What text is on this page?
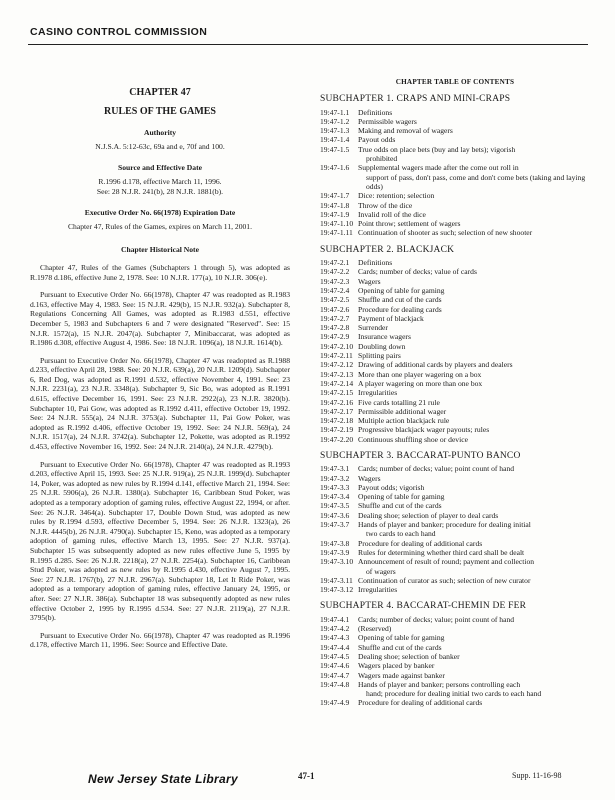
CASINO CONTROL COMMISSION
CHAPTER 47
RULES OF THE GAMES
Authority
N.J.S.A. 5:12-63c, 69a and e, 70f and 100.
Source and Effective Date
R.1996 d.178, effective March 11, 1996.
See: 28 N.J.R. 241(b), 28 N.J.R. 1881(b).
Executive Order No. 66(1978) Expiration Date
Chapter 47, Rules of the Games, expires on March 11, 2001.
Chapter Historical Note
Chapter 47, Rules of the Games (Subchapters 1 through 5), was adopted as R.1978 d.186, effective June 2, 1978. See: 10 N.J.R. 177(a), 10 N.J.R. 306(e).
Pursuant to Executive Order No. 66(1978), Chapter 47 was readopted as R.1983 d.163, effective May 4, 1983. See: 15 N.J.R. 429(b), 15 N.J.R. 932(a). Subchapter 8, Regulations Concerning All Games, was adopted as R.1983 d.551, effective December 5, 1983 and Subchapters 6 and 7 were designated "Reserved". See: 15 N.J.R. 1572(a), 15 N.J.R. 2047(a). Subchapter 7, Minibaccarat, was adopted as R.1986 d.308, effective August 4, 1986. See: 18 N.J.R. 1096(a), 18 N.J.R. 1614(b).
Pursuant to Executive Order No. 66(1978), Chapter 47 was readopted as R.1988 d.233, effective April 28, 1988. See: 20 N.J.R. 639(a), 20 N.J.R. 1209(d). Subchapter 6, Red Dog, was adopted as R.1991 d.532, effective November 4, 1991. See: 23 N.J.R. 2231(a), 23 N.J.R. 3348(a). Subchapter 9, Sic Bo, was adopted as R.1991 d.615, effective December 16, 1991. See: 23 N.J.R. 2922(a), 23 N.J.R. 3820(b). Subchapter 10, Pai Gow, was adopted as R.1992 d.411, effective October 19, 1992. See: 24 N.J.R. 555(a), 24 N.J.R. 3753(a). Subchapter 11, Pai Gow Poker, was adopted as R.1992 d.406, effective October 19, 1992. See: 24 N.J.R. 569(a), 24 N.J.R. 1517(a), 24 N.J.R. 3742(a). Subchapter 12, Pokette, was adopted as R.1992 d.453, effective November 16, 1992. See: 24 N.J.R. 2140(a), 24 N.J.R. 4279(b).
Pursuant to Executive Order No. 66(1978), Chapter 47 was readopted as R.1993 d.203, effective April 15, 1993. See: 25 N.J.R. 919(a), 25 N.J.R. 1999(d). Subchapter 14, Poker, was adopted as new rules by R.1994 d.141, effective March 21, 1994. See: 25 N.J.R. 5906(a), 26 N.J.R. 1380(a). Subchapter 16, Caribbean Stud Poker, was adopted as a temporary adoption of gaming rules, effective August 22, 1994, or after. See: 26 N.J.R. 3464(a). Subchapter 17, Double Down Stud, was adopted as new rules by R.1994 d.593, effective December 5, 1994. See: 26 N.J.R. 1323(a), 26 N.J.R. 4445(b), 26 N.J.R. 4790(a). Subchapter 15, Keno, was adopted as a temporary adoption of gaming rules, effective March 13, 1995. See: 27 N.J.R. 937(a). Subchapter 15 was subsequently adopted as new rules effective June 5, 1995 by R.1995 d.285. See: 26 N.J.R. 2218(a), 27 N.J.R. 2254(a). Subchapter 16, Caribbean Stud Poker, was adopted as new rules by R.1995 d.430, effective August 7, 1995. See: 27 N.J.R. 1767(b), 27 N.J.R. 2967(a). Subchapter 18, Let It Ride Poker, was adopted as a temporary adoption of gaming rules, effective January 24, 1995, or after. See: 27 N.J.R. 386(a). Subchapter 18 was subsequently adopted as new rules effective October 2, 1995 by R.1995 d.534. See: 27 N.J.R. 2119(a), 27 N.J.R. 3795(b).
Pursuant to Executive Order No. 66(1978), Chapter 47 was readopted as R.1996 d.178, effective March 11, 1996. See: Source and Effective Date.
CHAPTER TABLE OF CONTENTS
SUBCHAPTER 1. CRAPS AND MINI-CRAPS
19:47-1.1	Definitions
19:47-1.2	Permissible wagers
19:47-1.3	Making and removal of wagers
19:47-1.4	Payout odds
19:47-1.5	True odds on place bets (buy and lay bets); vigorish
prohibited
19:47-1.6	Supplemental wagers made after the come out roll in
support of pass, don't pass, come and don't come bets (taking and laying odds)
19:47-1.7	Dice: retention; selection
19:47-1.8	Throw of the dice
19:47-1.9	Invalid roll of the dice
19:47-1.10 Point throw; settlement of wagers
19:47-1.11 Continuation of shooter as such; selection of new shooter
SUBCHAPTER 2. BLACKJACK
19:47-2.1	Definitions
19:47-2.2	Cards; number of decks; value of cards
19:47-2.3	Wagers
19:47-2.4	Opening of table for gaming
19:47-2.5	Shuffle and cut of the cards
19:47-2.6	Procedure for dealing cards
19:47-2.7	Payment of blackjack
19:47-2.8	Surrender
19:47-2.9	Insurance wagers
19:47-2.10 Doubling down
19:47-2.11 Splitting pairs
19:47-2.12 Drawing of additional cards by players and dealers
19:47-2.13 More than one player wagering on a box
19:47-2.14 A player wagering on more than one box
19:47-2.15 Irregularities
19:47-2.16 Five cards totalling 21 rule
19:47-2.17 Permissible additional wager
19:47-2.18 Multiple action blackjack rule
19:47-2.19 Progressive blackjack wager payouts; rules
19:47-2.20 Continuous shuffling shoe or device
SUBCHAPTER 3. BACCARAT-PUNTO BANCO
19:47-3.1	Cards; number of decks; value; point count of hand
19:47-3.2	Wagers
19:47-3.3	Payout odds; vigorish
19:47-3.4	Opening of table for gaming
19:47-3.5	Shuffle and cut of the cards
19:47-3.6	Dealing shoe; selection of player to deal cards
19:47-3.7	Hands of player and banker; procedure for dealing initial
two cards to each hand
19:47-3.8	Procedure for dealing of additional cards
19:47-3.9	Rules for determining whether third card shall be dealt
19:47-3.10 Announcement of result of round; payment and collection
of wagers
19:47-3.11 Continuation of curator as such; selection of new curator
19:47-3.12 Irregularities
SUBCHAPTER 4. BACCARAT-CHEMIN DE FER
19:47-4.1	Cards; number of decks; value; point count of hand
19:47-4.2	(Reserved)
19:47-4.3	Opening of table for gaming
19:47-4.4	Shuffle and cut of the cards
19:47-4.5	Dealing shoe; selection of banker
19:47-4.6	Wagers placed by banker
19:47-4.7	Wagers made against banker
19:47-4.8	Hands of player and banker; persons controlling each
hand; procedure for dealing initial two cards to each hand
19:47-4.9	Procedure for dealing of additional cards
New Jersey State Library	47-1	Supp. 11-16-98
